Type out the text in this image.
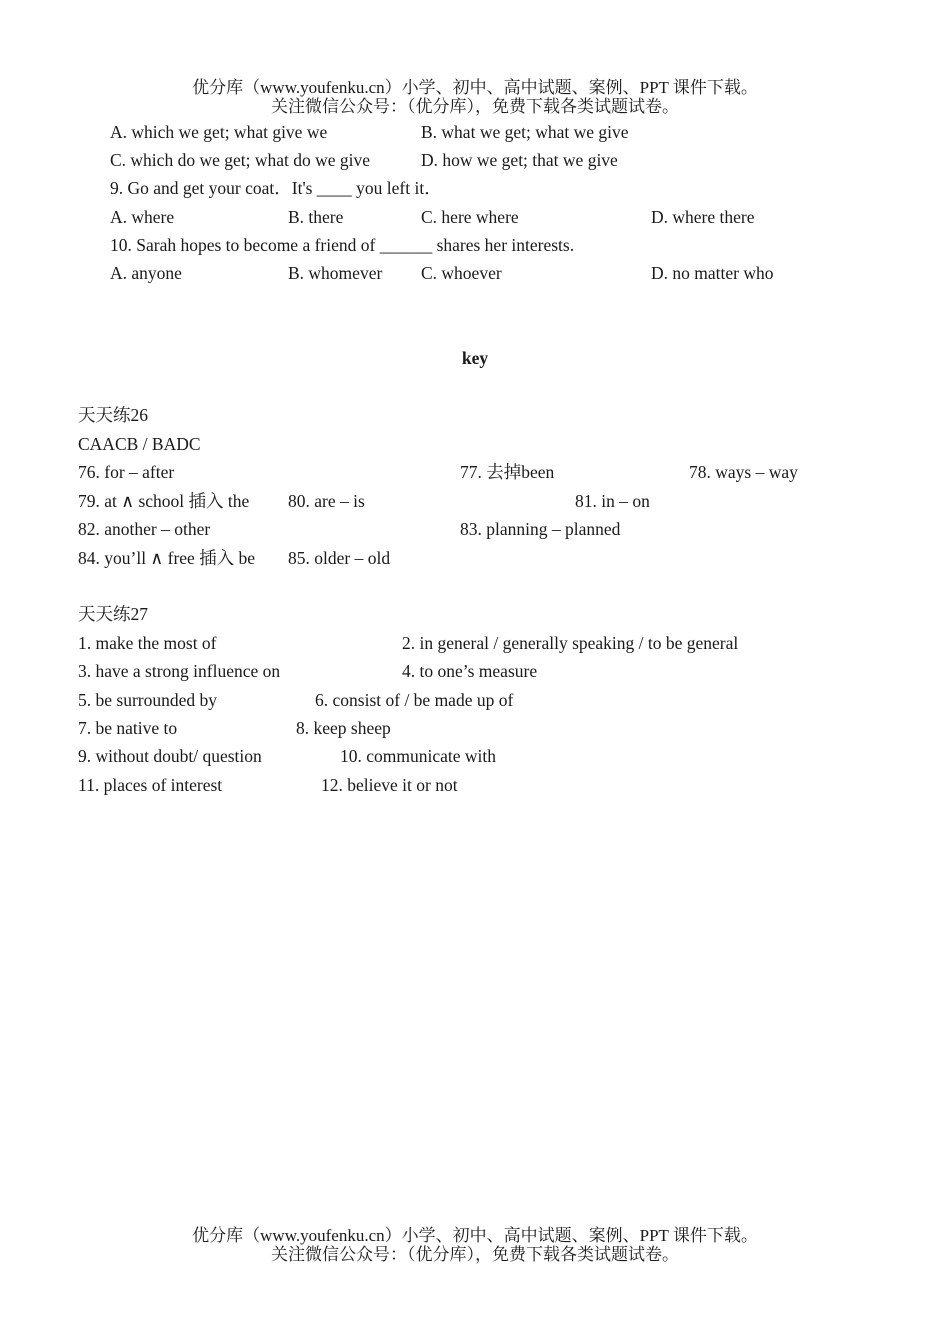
优分库（www.youfenku.cn）小学、初中、高中试题、案例、PPT 课件下载。
关注微信公众号：（优分库），免费下载各类试题试卷。
A. which we get; what give we	B. what we get; what we give
C. which do we get; what do we give	D. how we get; that we give
9. Go and get your coat．It's ____ you left it．
A. where	B. there	C. here where	D. where there
10. Sarah hopes to become a friend of ______ shares her interests.
A. anyone	B. whomever C. whoever	D. no matter who
key
天天练26
CAACB / BADC
76. for – after	77. 去掉been	78. ways – way
79. at ∧ school 插入 the 80. are – is	81. in – on
82. another – other	83. planning – planned
84. you’ll ∧ free 插入 be 85. older – old
天天练27
1. make the most of	2. in general / generally speaking / to be general
3. have a strong influence on	4. to one’s measure
5. be surrounded by	6. consist of / be made up of
7. be native to	8. keep sheep
9. without doubt/ question	10. communicate with
11. places of interest	12. believe it or not
优分库（www.youfenku.cn）小学、初中、高中试题、案例、PPT 课件下载。
关注微信公众号：（优分库），免费下载各类试题试卷。
